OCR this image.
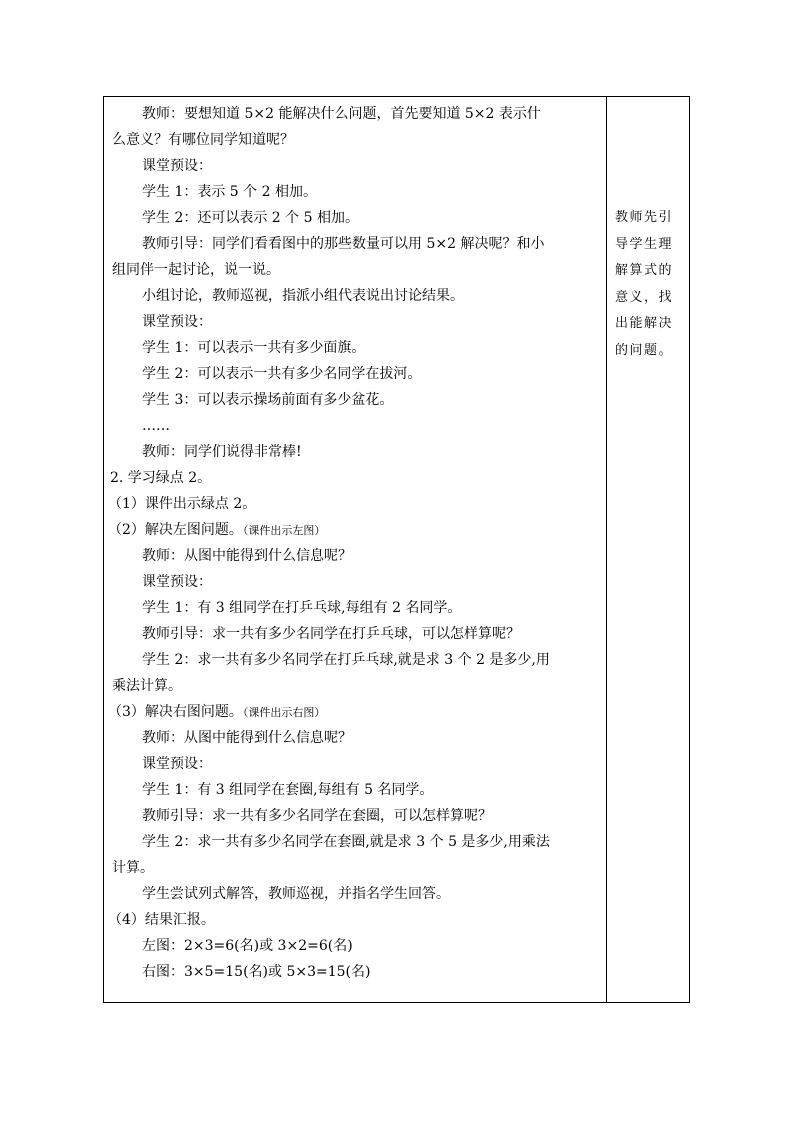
教师：要想知道 5×2 能解决什么问题，首先要知道 5×2 表示什
么意义？有哪位同学知道呢？
课堂预设：
学生 1：表示 5 个 2 相加。
学生 2：还可以表示 2 个 5 相加。
教师引导：同学们看看图中的那些数量可以用 5×2 解决呢？和小
组同伴一起讨论，说一说。
小组讨论，教师巡视，指派小组代表说出讨论结果。
课堂预设：
学生 1：可以表示一共有多少面旗。
学生 2：可以表示一共有多少名同学在拔河。
学生 3：可以表示操场前面有多少盆花。
……
教师：同学们说得非常棒!
2. 学习绿点 2。
（1）课件出示绿点 2。
（2）解决左图问题。（课件出示左图）
教师：从图中能得到什么信息呢？
课堂预设：
学生 1：有 3 组同学在打乒乓球,每组有 2 名同学。
教师引导：求一共有多少名同学在打乒乓球，可以怎样算呢？
学生 2：求一共有多少名同学在打乒乓球,就是求 3 个 2 是多少,用
乘法计算。
（3）解决右图问题。（课件出示右图）
教师：从图中能得到什么信息呢？
课堂预设：
学生 1：有 3 组同学在套圈,每组有 5 名同学。
教师引导：求一共有多少名同学在套圈，可以怎样算呢？
学生 2：求一共有多少名同学在套圈,就是求 3 个 5 是多少,用乘法
计算。
学生尝试列式解答，教师巡视，并指名学生回答。
（4）结果汇报。
左图：2×3=6(名)或 3×2=6(名)
右图：3×5=15(名)或 5×3=15(名)
教师先引
导学生理
解算式的
意义，找
出能解决
的问题。
